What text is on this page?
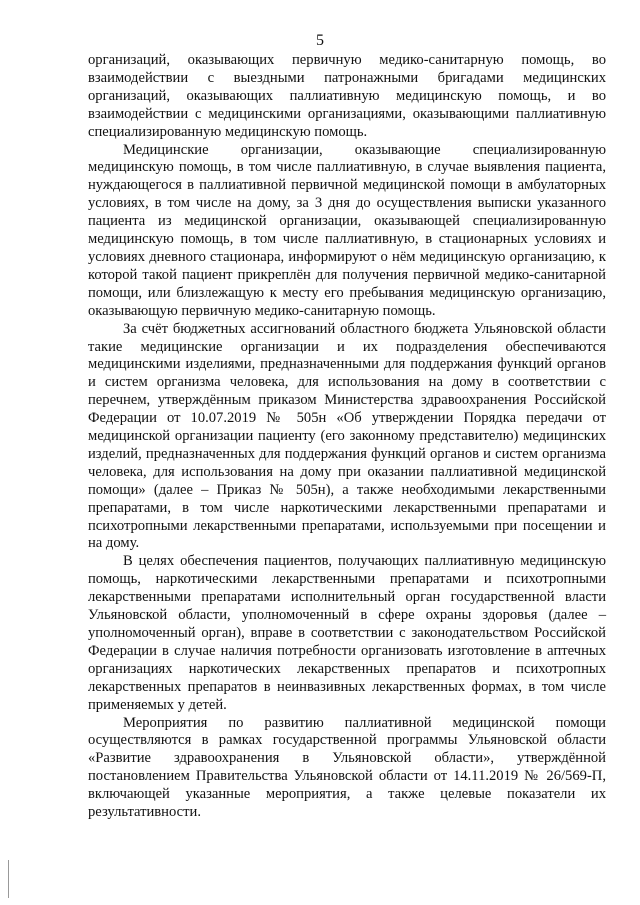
5

организаций, оказывающих первичную медико-санитарную помощь, во взаимодействии с выездными патронажными бригадами медицинских организаций, оказывающих паллиативную медицинскую помощь, и во взаимодействии с медицинскими организациями, оказывающими паллиативную специализированную медицинскую помощь.

Медицинские организации, оказывающие специализированную медицинскую помощь, в том числе паллиативную, в случае выявления пациента, нуждающегося в паллиативной первичной медицинской помощи в амбулаторных условиях, в том числе на дому, за 3 дня до осуществления выписки указанного пациента из медицинской организации, оказывающей специализированную медицинскую помощь, в том числе паллиативную, в стационарных условиях и условиях дневного стационара, информируют о нём медицинскую организацию, к которой такой пациент прикреплён для получения первичной медико-санитарной помощи, или близлежащую к месту его пребывания медицинскую организацию, оказывающую первичную медико-санитарную помощь.

За счёт бюджетных ассигнований областного бюджета Ульяновской области такие медицинские организации и их подразделения обеспечиваются медицинскими изделиями, предназначенными для поддержания функций органов и систем организма человека, для использования на дому в соответствии с перечнем, утверждённым приказом Министерства здравоохранения Российской Федерации от 10.07.2019 № 505н «Об утверждении Порядка передачи от медицинской организации пациенту (его законному представителю) медицинских изделий, предназначенных для поддержания функций органов и систем организма человека, для использования на дому при оказании паллиативной медицинской помощи» (далее – Приказ № 505н), а также необходимыми лекарственными препаратами, в том числе наркотическими лекарственными препаратами и психотропными лекарственными препаратами, используемыми при посещении и на дому.

В целях обеспечения пациентов, получающих паллиативную медицинскую помощь, наркотическими лекарственными препаратами и психотропными лекарственными препаратами исполнительный орган государственной власти Ульяновской области, уполномоченный в сфере охраны здоровья (далее – уполномоченный орган), вправе в соответствии с законодательством Российской Федерации в случае наличия потребности организовать изготовление в аптечных организациях наркотических лекарственных препаратов и психотропных лекарственных препаратов в неинвазивных лекарственных формах, в том числе применяемых у детей.

Мероприятия по развитию паллиативной медицинской помощи осуществляются в рамках государственной программы Ульяновской области «Развитие здравоохранения в Ульяновской области», утверждённой постановлением Правительства Ульяновской области от 14.11.2019 № 26/569-П, включающей указанные мероприятия, а также целевые показатели их результативности.
